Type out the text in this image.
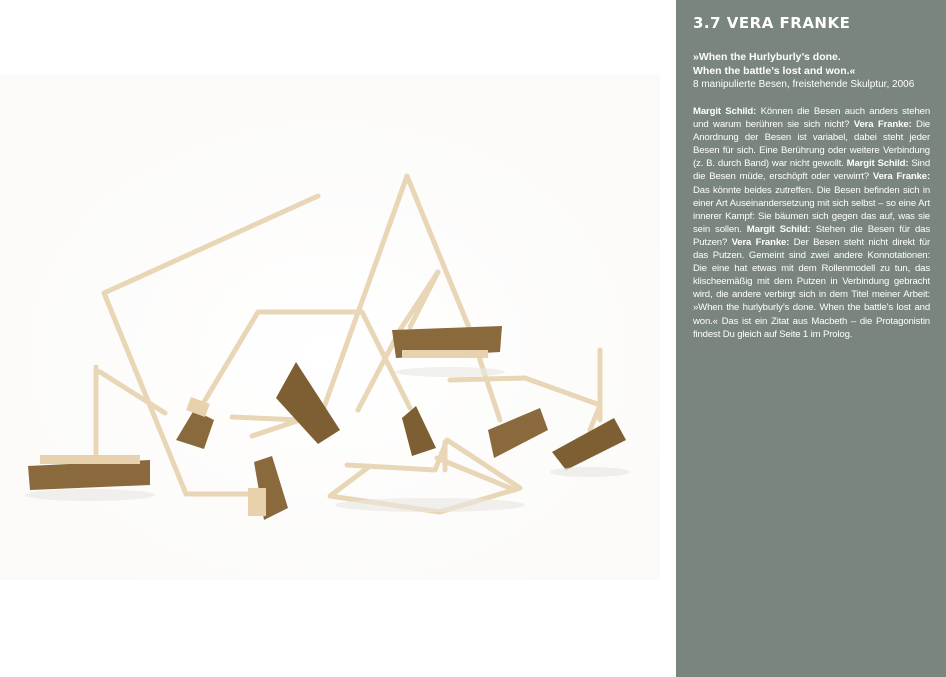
3.7 VERA FRANKE
»When the Hurlyburly’s done.
When the battle’s lost and won.«
8 manipulierte Besen, freistehende Skulptur, 2006

Margit Schild: Können die Besen auch anders stehen und warum berühren sie sich nicht? Vera Franke: Die Anordnung der Besen ist variabel, dabei steht jeder Besen für sich. Eine Berührung oder weitere Verbindung (z. B. durch Band) war nicht gewollt. Margit Schild: Sind die Besen müde, erschöpft oder verwirrt? Vera Franke: Das könnte beides zutreffen. Die Besen befinden sich in einer Art Auseinandersetzung mit sich selbst – so eine Art innerer Kampf: Sie bäumen sich gegen das auf, was sie sein sollen. Margit Schild: Stehen die Besen für das Putzen? Vera Franke: Der Besen steht nicht direkt für das Putzen. Gemeint sind zwei andere Konnotationen: Die eine hat etwas mit dem Rollenmodell zu tun, das klischeemäßig mit dem Putzen in Verbindung gebracht wird, die andere verbirgt sich in dem Titel meiner Arbeit: »When the hurlyburly’s done. When the battle’s lost and won.« Das ist ein Zitat aus Macbeth – die Protagonistin findest Du gleich auf Seite 1 im Prolog.
